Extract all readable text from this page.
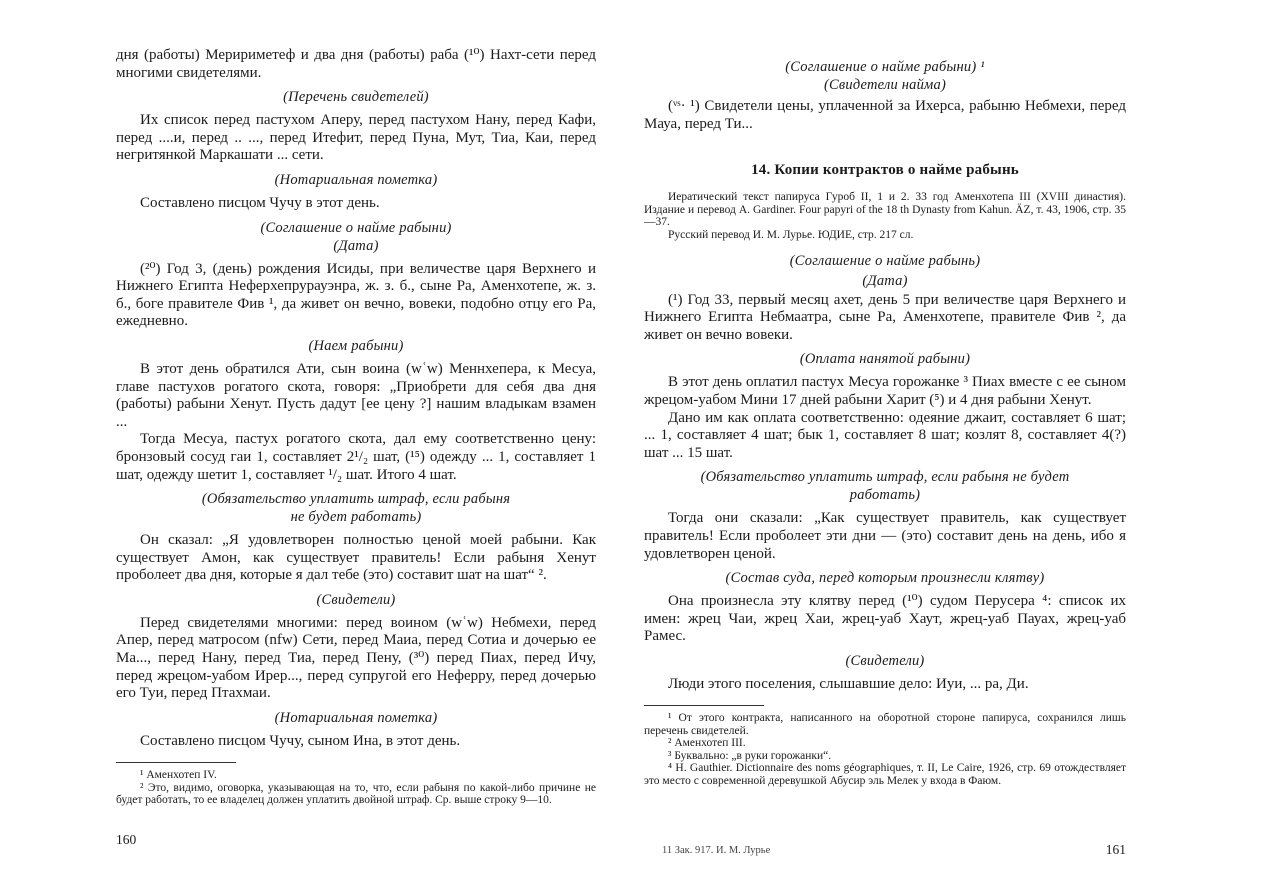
дня (работы) Меририметеф и два дня (работы) раба (¹⁰) Нахт-сети перед многими свидетелями.

(Перечень свидетелей)

Их список перед пастухом Аперу, перед пастухом Нану, перед Кафи, перед ....и, перед .. ..., перед Итефит, перед Пуна, Мут, Тиа, Каи, перед негритянкой Маркашати ... сети.

(Нотариальная пометка)

Составлено писцом Чучу в этот день.

(Соглашение о найме рабыни)
(Дата)

(²⁰) Год 3, (день) рождения Исиды, при величестве царя Верхнего и Нижнего Египта Неферхепрурауэнра, ж. з. б., сыне Ра, Аменхотепе, ж. з. б., боге правителе Фив ¹, да живет он вечно, вовеки, подобно отцу его Ра, ежедневно.

(Наем рабыни)

В этот день обратился Ати, сын воина (wʿw) Меннхепера, к Месуа, главе пастухов рогатого скота, говоря: „Приобрети для себя два дня (работы) рабыни Хенут. Пусть дадут [ее цену ?] нашим владыкам взамен ...

Тогда Месуа, пастух рогатого скота, дал ему соответственно цену: бронзовый сосуд гаи 1, составляет 2¹/₂ шат, (¹⁵) одежду ... 1, составляет 1 шат, одежду шетит 1, составляет ¹/₂ шат. Итого 4 шат.

(Обязательство уплатить штраф, если рабыня
не будет работать)

Он сказал: „Я удовлетворен полностью ценой моей рабыни. Как существует Амон, как существует правитель! Если рабыня Хенут проболеет два дня, которые я дал тебе (это) составит шат на шат“ ².

(Свидетели)

Перед свидетелями многими: перед воином (wʿw) Небмехи, перед Апер, перед матросом (nfw) Сети, перед Маиа, перед Сотиа и дочерью ее Ма..., перед Нану, перед Тиа, перед Пену, (³⁰) перед Пиах, перед Ичу, перед жрецом-уабом Ирер..., перед супругой его Неферру, перед дочерью его Туи, перед Птахмаи.

(Нотариальная пометка)

Составлено писцом Чучу, сыном Ина, в этот день.

¹ Аменхотеп IV.

² Это, видимо, оговорка, указывающая на то, что, если рабыня по какой-либо причине не будет работать, то ее владелец должен уплатить двойной штраф. Ср. выше строку 9—10.

160
(Соглашение о найме рабыни) ¹
(Свидетели найма)

(ᵛˢ· ¹) Свидетели цены, уплаченной за Ихерса, рабыню Небмехи, перед Мауа, перед Ти...

14. Копии контрактов о найме рабынь

Иератический текст папируса Гуроб II, 1 и 2. 33 год Аменхотепа III (XVIII династия). Издание и перевод A. Gardiner. Four papyri of the 18 th Dynasty from Kahun. ÄZ, т. 43, 1906, стр. 35—37.

Русский перевод И. М. Лурье. ЮДИЕ, стр. 217 сл.

(Соглашение о найме рабынь)
(Дата)

(¹) Год 33, первый месяц ахет, день 5 при величестве царя Верхнего и Нижнего Египта Небмаатра, сыне Ра, Аменхотепе, правителе Фив ², да живет он вечно вовеки.

(Оплата нанятой рабыни)

В этот день оплатил пастух Месуа горожанке ³ Пиах вместе с ее сыном жрецом-уабом Мини 17 дней рабыни Харит (⁵) и 4 дня рабыни Хенут.

Дано им как оплата соответственно: одеяние джаит, составляет 6 шат; ... 1, составляет 4 шат; бык 1, составляет 8 шат; козлят 8, составляет 4(?) шат ... 15 шат.

(Обязательство уплатить штраф, если рабыня не будет
работать)

Тогда они сказали: „Как существует правитель, как существует правитель! Если проболеет эти дни — (это) составит день на день, ибо я удовлетворен ценой.

(Состав суда, перед которым произнесли клятву)

Она произнесла эту клятву перед (¹⁰) судом Перусера ⁴: список их имен: жрец Чаи, жрец Хаи, жрец-уаб Хаут, жрец-уаб Пауах, жрец-уаб Рамес.

(Свидетели)

Люди этого поселения, слышавшие дело: Иуи, ... ра, Ди.

¹ От этого контракта, написанного на оборотной стороне папируса, сохранился лишь перечень свидетелей.

² Аменхотеп III.

³ Буквально: „в руки горожанки“.

⁴ H. Gauthier. Dictionnaire des noms géographiques, т. II, Le Caire, 1926, стр. 69 отождествляет это место с современной деревушкой Абусир эль Мелек у входа в Фаюм.

11 Зак. 917. И. М. Лурье	161
